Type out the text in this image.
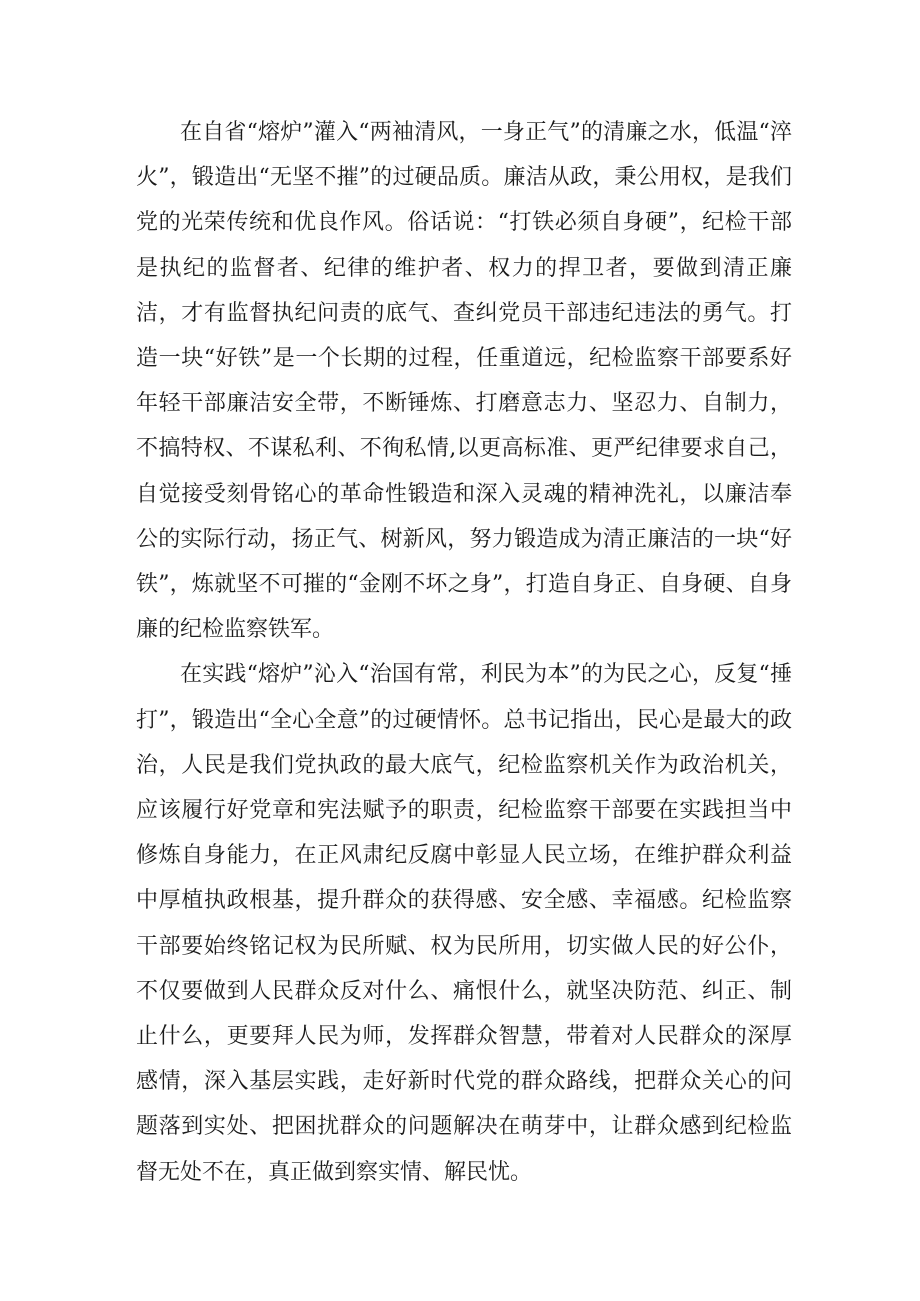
在自省“熔炉”灌入“两袖清风，一身正气”的清廉之水，低温“淬火”，锻造出“无坚不摧”的过硬品质。廉洁从政，秉公用权，是我们党的光荣传统和优良作风。俗话说：“打铁必须自身硬”，纪检干部是执纪的监督者、纪律的维护者、权力的捍卫者，要做到清正廉洁，才有监督执纪问责的底气、查纠党员干部违纪违法的勇气。打造一块“好铁”是一个长期的过程，任重道远，纪检监察干部要系好年轻干部廉洁安全带，不断锤炼、打磨意志力、坚忍力、自制力，不搞特权、不谋私利、不徇私情,以更高标准、更严纪律要求自己，自觉接受刻骨铭心的革命性锻造和深入灵魂的精神洗礼，以廉洁奉公的实际行动，扬正气、树新风，努力锻造成为清正廉洁的一块“好铁”，炼就坚不可摧的“金刚不坏之身”，打造自身正、自身硬、自身廉的纪检监察铁军。

在实践“熔炉”沁入“治国有常，利民为本”的为民之心，反复“捶打”，锻造出“全心全意”的过硬情怀。总书记指出，民心是最大的政治，人民是我们党执政的最大底气，纪检监察机关作为政治机关，应该履行好党章和宪法赋予的职责，纪检监察干部要在实践担当中修炼自身能力，在正风肃纪反腐中彰显人民立场，在维护群众利益中厚植执政根基，提升群众的获得感、安全感、幸福感。纪检监察干部要始终铭记权为民所赋、权为民所用，切实做人民的好公仆，不仅要做到人民群众反对什么、痛恨什么，就坚决防范、纠正、制止什么，更要拜人民为师，发挥群众智慧，带着对人民群众的深厚感情，深入基层实践，走好新时代党的群众路线，把群众关心的问题落到实处、把困扰群众的问题解决在萌芽中，让群众感到纪检监督无处不在，真正做到察实情、解民忧。
